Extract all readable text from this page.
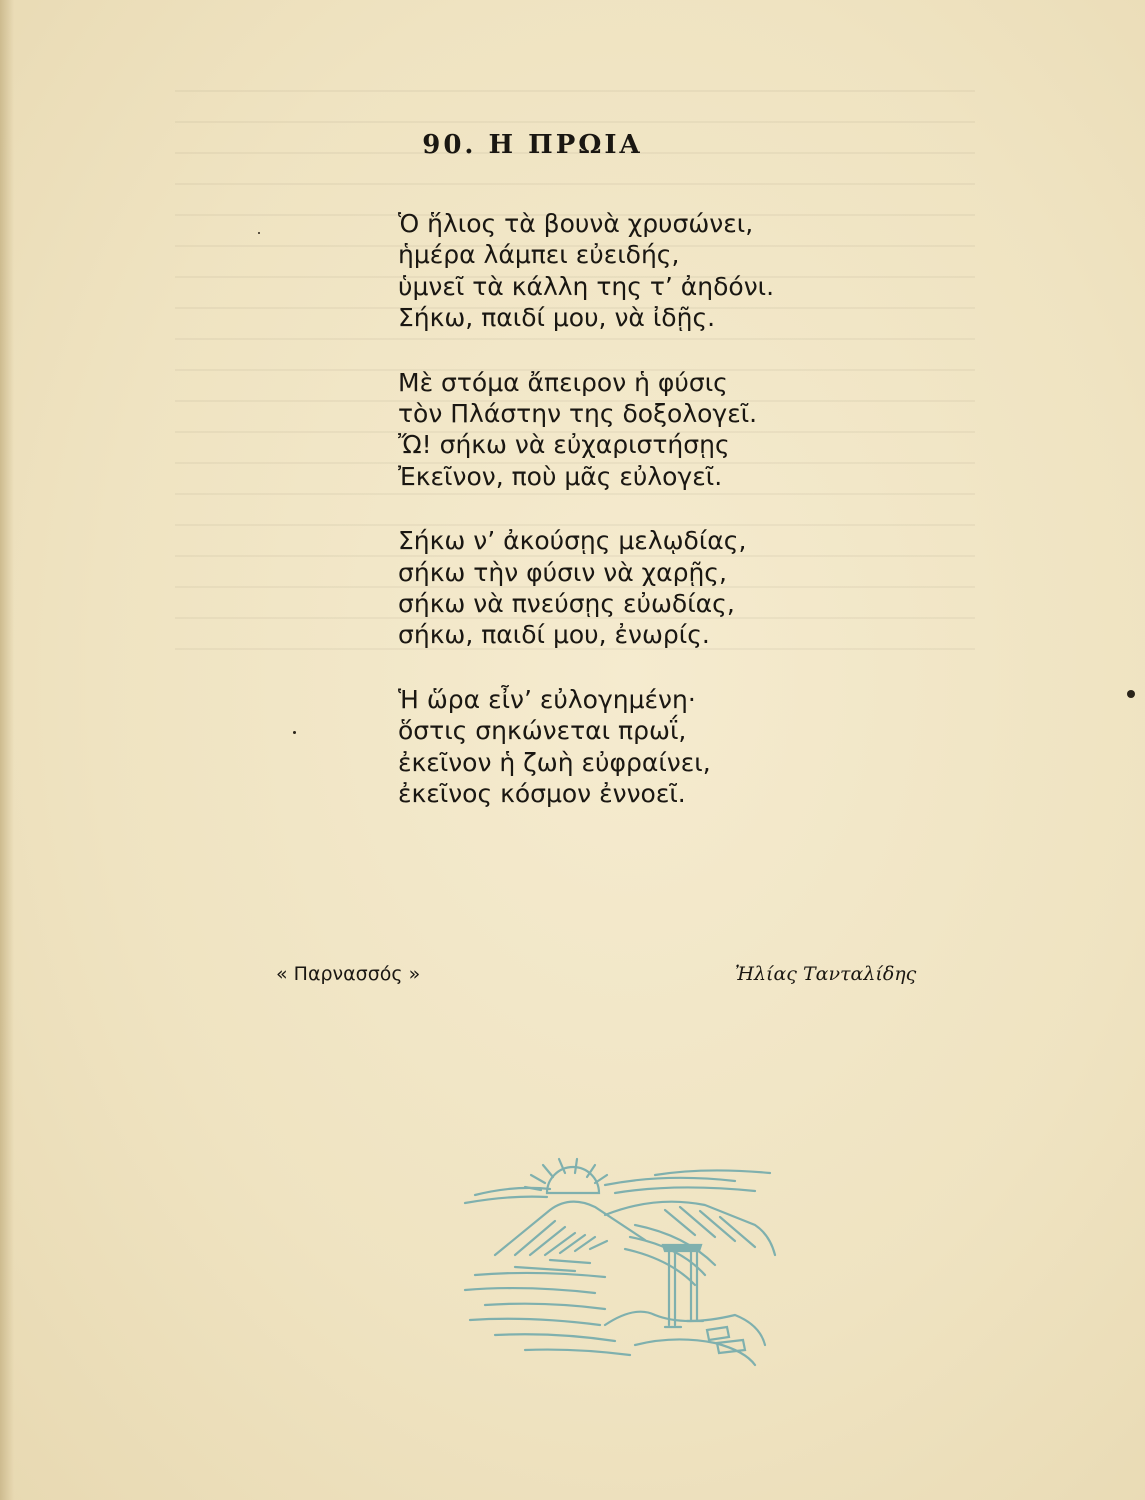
90. Η ΠΡΩΙΑ
Ὁ ἥλιος τὰ βουνὰ χρυσώνει,
ἡμέρα λάμπει εὐειδής,
ὑμνεῖ τὰ κάλλη της τ’ ἀηδόνι.
Σήκω, παιδί μου, νὰ ἰδῇς.
Μὲ στόμα ἄπειρον ἡ φύσις
τὸν Πλάστην της δοξολογεῖ.
Ὤ! σήκω νὰ εὐχαριστήσῃς
Ἐκεῖνον, ποὺ μᾶς εὐλογεῖ.
Σήκω ν’ ἀκούσῃς μελῳδίας,
σήκω τὴν φύσιν νὰ χαρῇς,
σήκω νὰ πνεύσῃς εὐωδίας,
σήκω, παιδί μου, ἐνωρίς.
Ἡ ὥρα εἶν’ εὐλογημένη·
ὅστις σηκώνεται πρωΐ,
ἐκεῖνον ἡ ζωὴ εὐφραίνει,
ἐκεῖνος κόσμον ἐννοεῖ.
« Παρνασσός »	Ἠλίας Τανταλίδης
